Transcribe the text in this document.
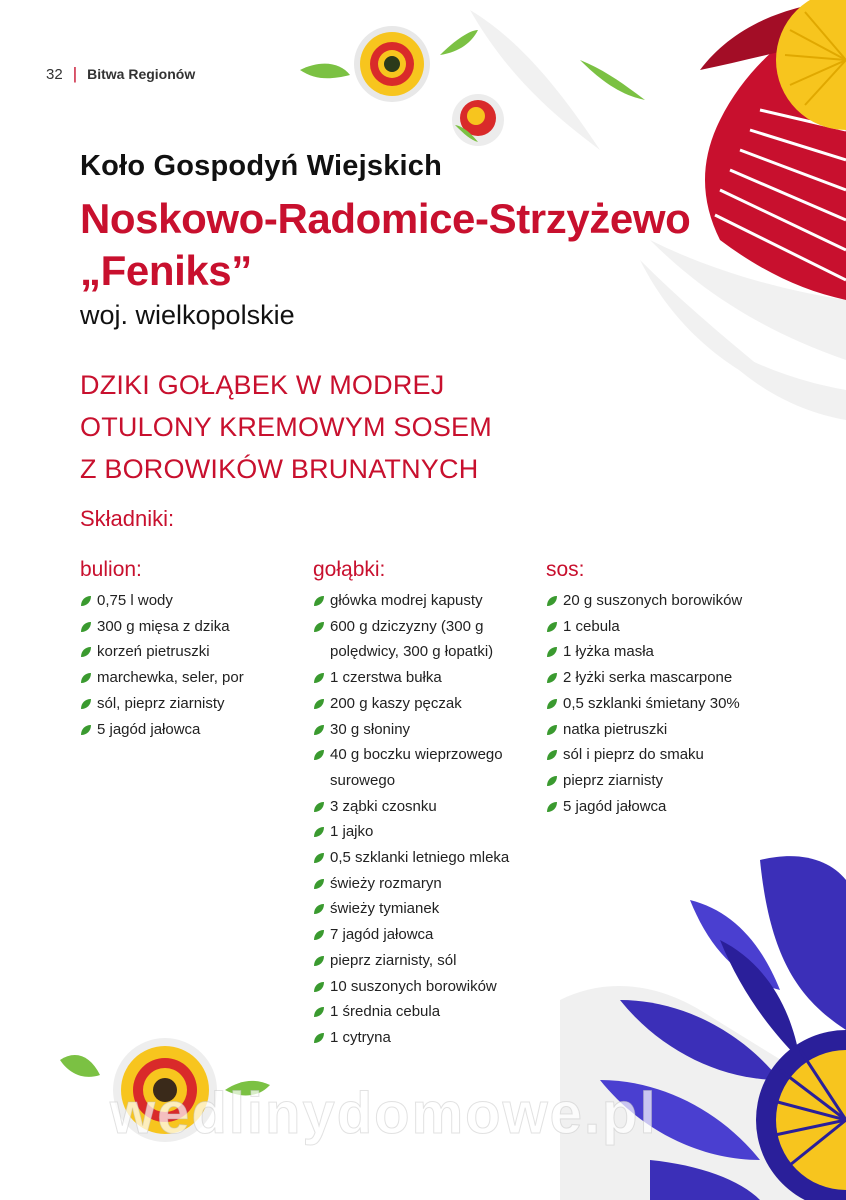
32 | Bitwa Regionów
Koło Gospodyń Wiejskich
Noskowo-Radomice-Strzyżewo
„Feniks”
woj. wielkopolskie
DZIKI GOŁĄBEK W MODREJ
OTULONY KREMOWYM SOSEM
Z BOROWIKÓW BRUNATNYCH
Składniki:
bulion:
0,75 l wody
300 g mięsa z dzika
korzeń pietruszki
marchewka, seler, por
sól, pieprz ziarnisty
5 jagód jałowca
gołąbki:
główka modrej kapusty
600 g dziczyzny (300 g
polędwicy, 300 g łopatki)
1 czerstwa bułka
200 g kaszy pęczak
30 g słoniny
40 g boczku wieprzowego
surowego
3 ząbki czosnku
1 jajko
0,5 szklanki letniego mleka
świeży rozmaryn
świeży tymianek
7 jagód jałowca
pieprz ziarnisty, sól
10 suszonych borowików
1 średnia cebula
1 cytryna
sos:
20 g suszonych borowików
1 cebula
1 łyżka masła
2 łyżki serka mascarpone
0,5 szklanki śmietany 30%
natka pietruszki
sól i pieprz do smaku
pieprz ziarnisty
5 jagód jałowca
wedlinydomowe.pl
